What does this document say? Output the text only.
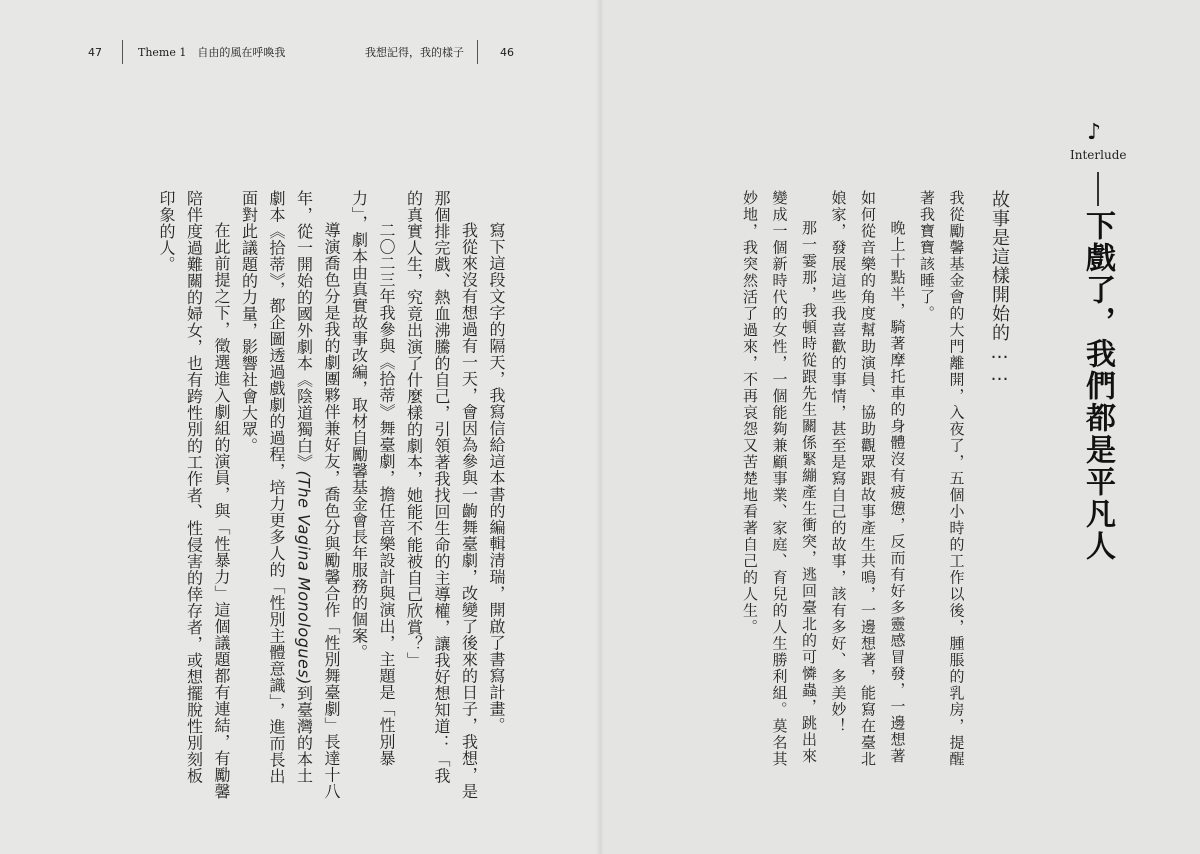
47	Theme 1　自由的風在呼喚我

寫下這段文字的隔天，我寫信給這本書的編輯清瑞，開啟了書寫計畫。

我從來沒有想過有一天，會因為參與一齣舞臺劇，改變了後來的日子，我想，是那個排完戲、熱血沸騰的自己，引領著我找回生命的主導權，讓我好想知道：「我的真實人生，究竟出演了什麼樣的劇本，她能不能被自己欣賞？」

二〇二三年我參與《拾蒂》舞臺劇，擔任音樂設計與演出，主題是「性別暴力」，劇本由真實故事改編，取材自勵馨基金會長年服務的個案。

導演喬色分是我的劇團夥伴兼好友，喬色分與勵馨合作「性別舞臺劇」長達十八年，從一開始的國外劇本《陰道獨白》(The Vagina Monologues)到臺灣的本土劇本《拾蒂》，都企圖透過戲劇的過程，培力更多人的「性別主體意識」，進而長出面對此議題的力量，影響社會大眾。

在此前提之下，徵選進入劇組的演員，與「性暴力」這個議題都有連結，有勵馨陪伴度過難關的婦女，也有跨性別的工作者、性侵害的倖存者，或想擺脫性別刻板印象的人。

我想記得，我的樣子	46
♪
Interlude
下戲了，我們都是平凡人

故事是這樣開始的……

我從勵馨基金會的大門離開，入夜了，五個小時的工作以後，腫脹的乳房，提醒著我寶寶該睡了。

晚上十點半，騎著摩托車的身體沒有疲憊，反而有好多靈感冒發，一邊想著如何從音樂的角度幫助演員、協助觀眾跟故事產生共鳴，一邊想著，能寫在臺北娘家，發展這些我喜歡的事情，甚至是寫自己的故事，該有多好、多美妙！

那一霎那，我頓時從跟先生關係緊繃產生衝突，逃回臺北的可憐蟲，跳出來變成一個新時代的女性，一個能夠兼顧事業、家庭、育兒的人生勝利組。莫名其妙地，我突然活了過來，不再哀怨又苦楚地看著自己的人生。
